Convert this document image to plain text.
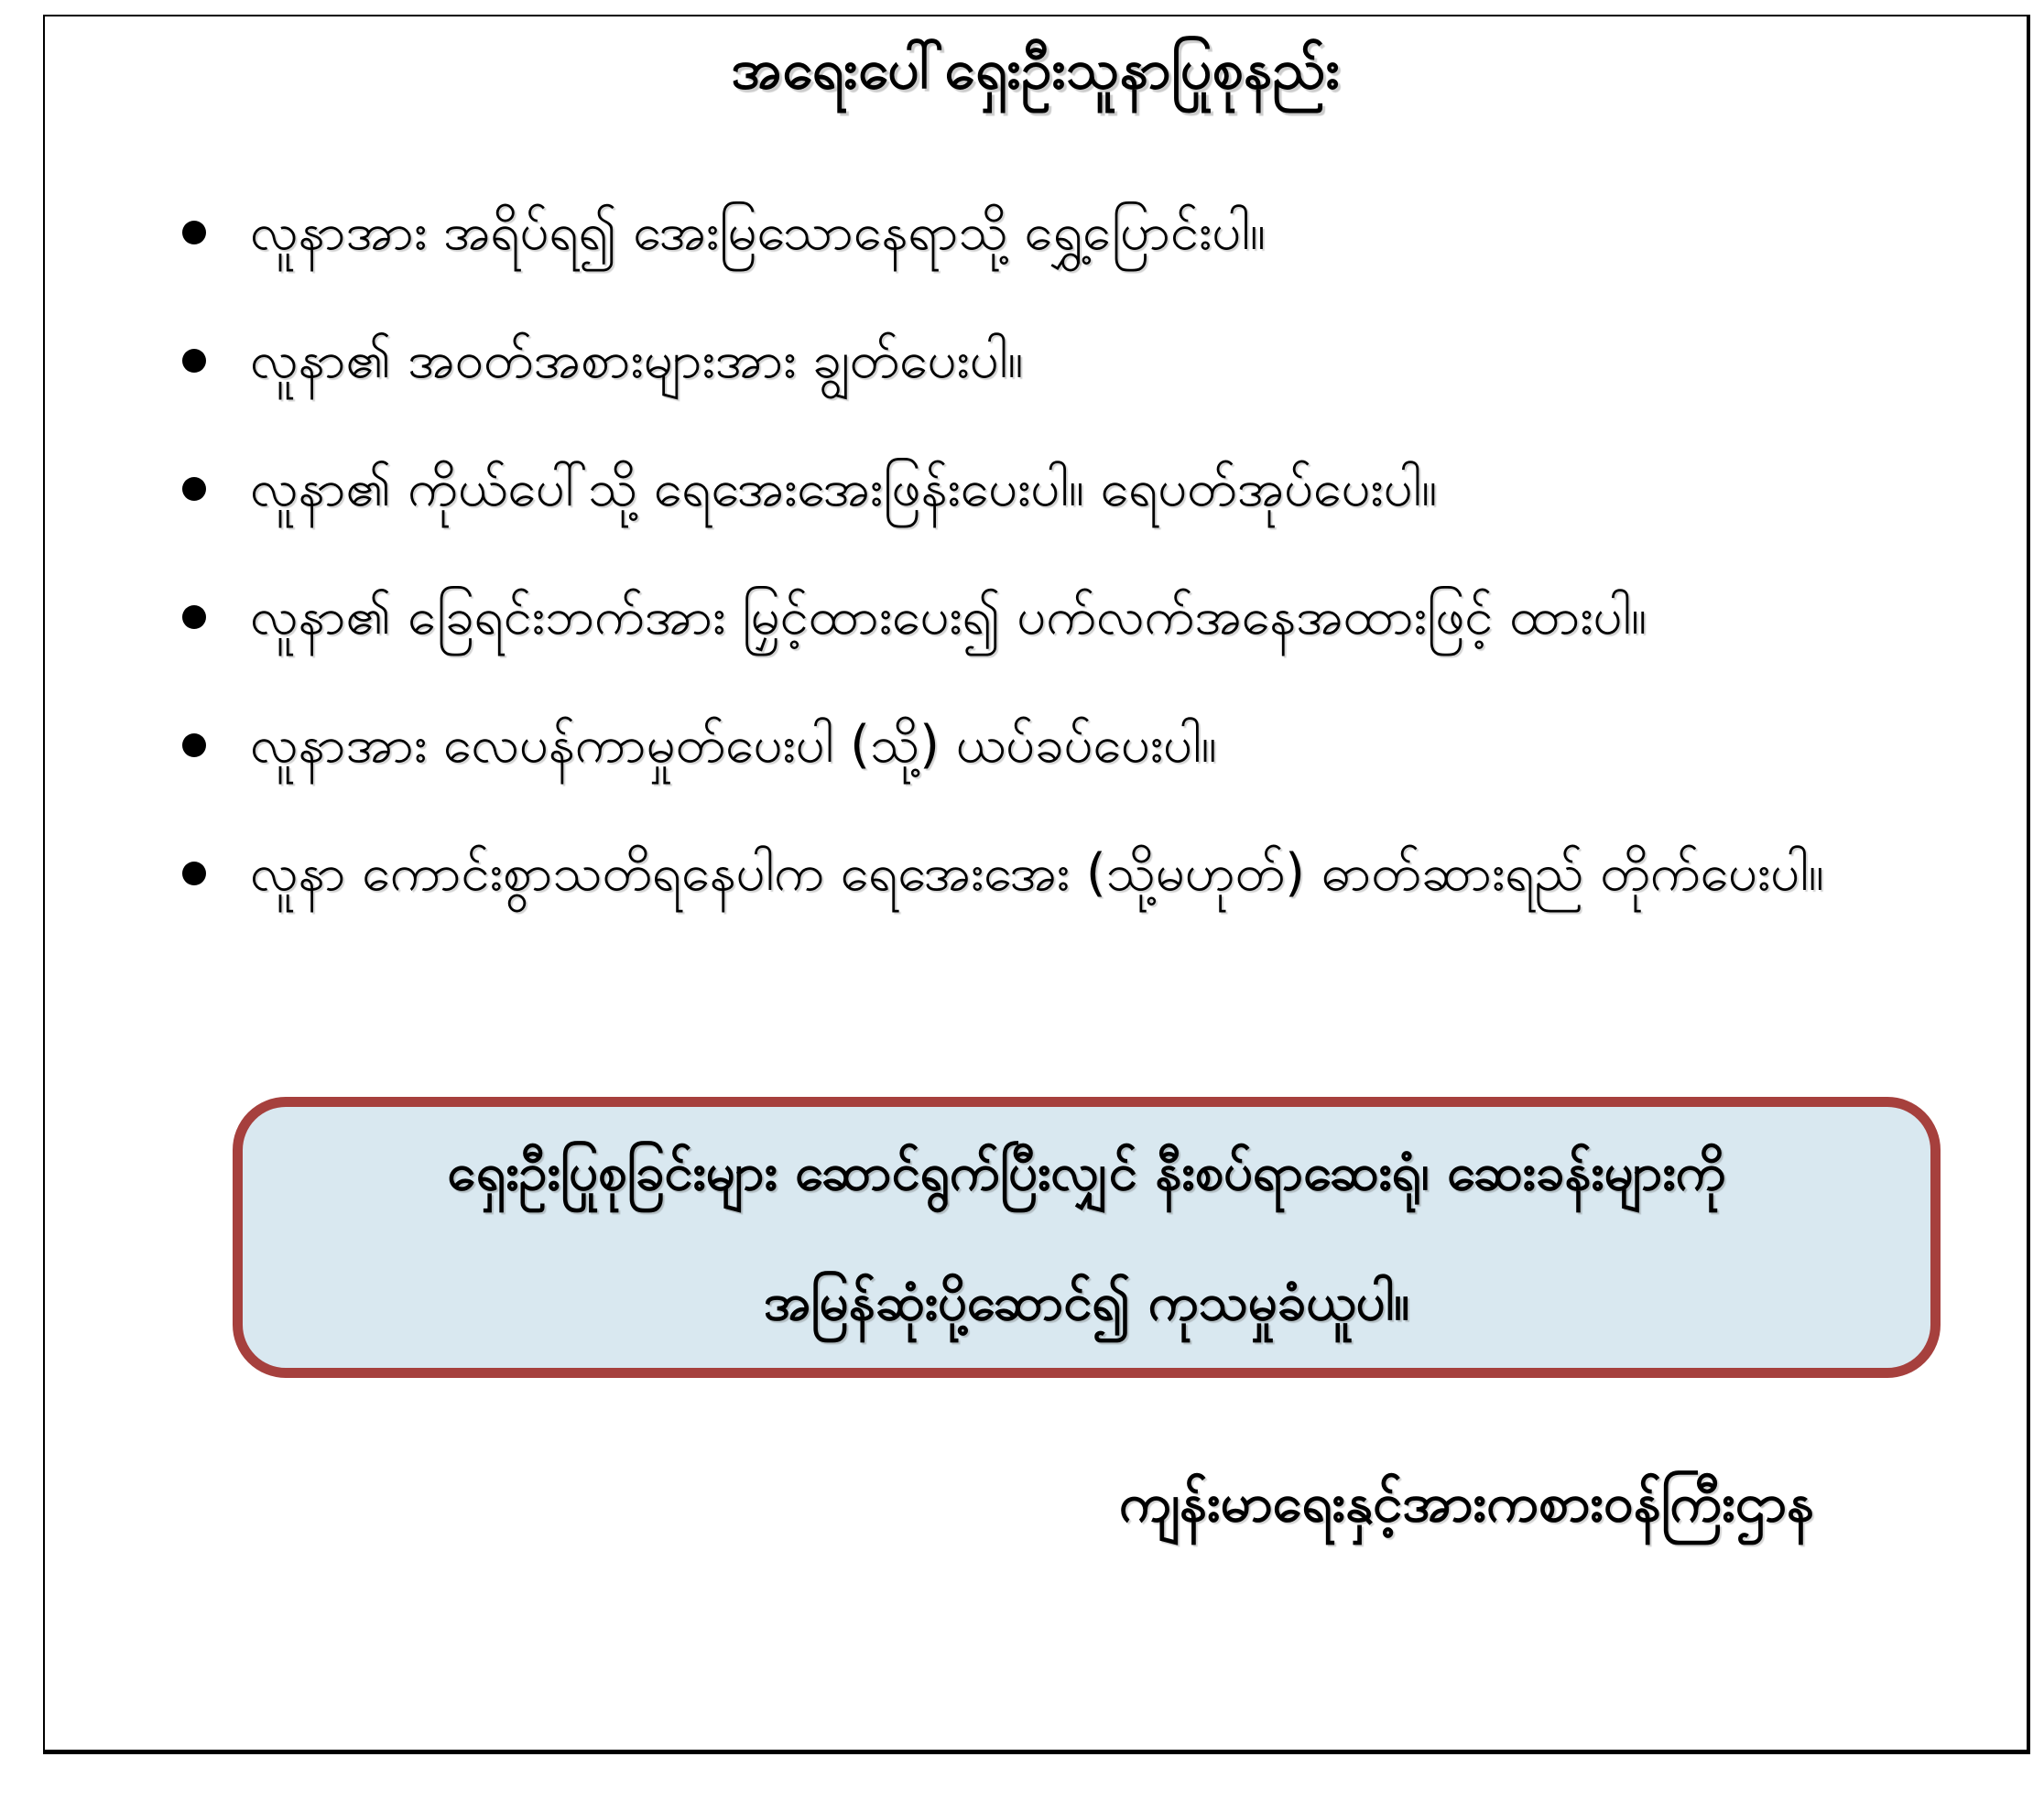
အရေးပေါ်ရှေးဦးသူနာပြုစုနည်း
လူနာအား အရိပ်ရ၍ အေးမြသောနေရာသို့ ရွှေ့ပြောင်းပါ။
လူနာ၏ အဝတ်အစားများအား ချွတ်ပေးပါ။
လူနာ၏ ကိုယ်ပေါ်သို့ ရေအေးအေးဖြန်းပေးပါ။ ရေပတ်အုပ်ပေးပါ။
လူနာ၏ ခြေရင်းဘက်အား မြှင့်ထားပေး၍ ပက်လက်အနေအထားဖြင့် ထားပါ။
လူနာအား လေပန်ကာမှုတ်ပေးပါ (သို့) ယပ်ခပ်ပေးပါ။
လူနာ ကောင်းစွာသတိရနေပါက ရေအေးအေး (သို့မဟုတ်) ဓာတ်ဆားရည် တိုက်ပေးပါ။
ရှေးဦးပြုစုခြင်းများ ဆောင်ရွက်ပြီးလျှင် နီးစပ်ရာဆေးရုံ၊ ဆေးခန်းများကို
အမြန်ဆုံးပို့ဆောင်၍ ကုသမှုခံယူပါ။
ကျန်းမာရေးနှင့်အားကစားဝန်ကြီးဌာန
